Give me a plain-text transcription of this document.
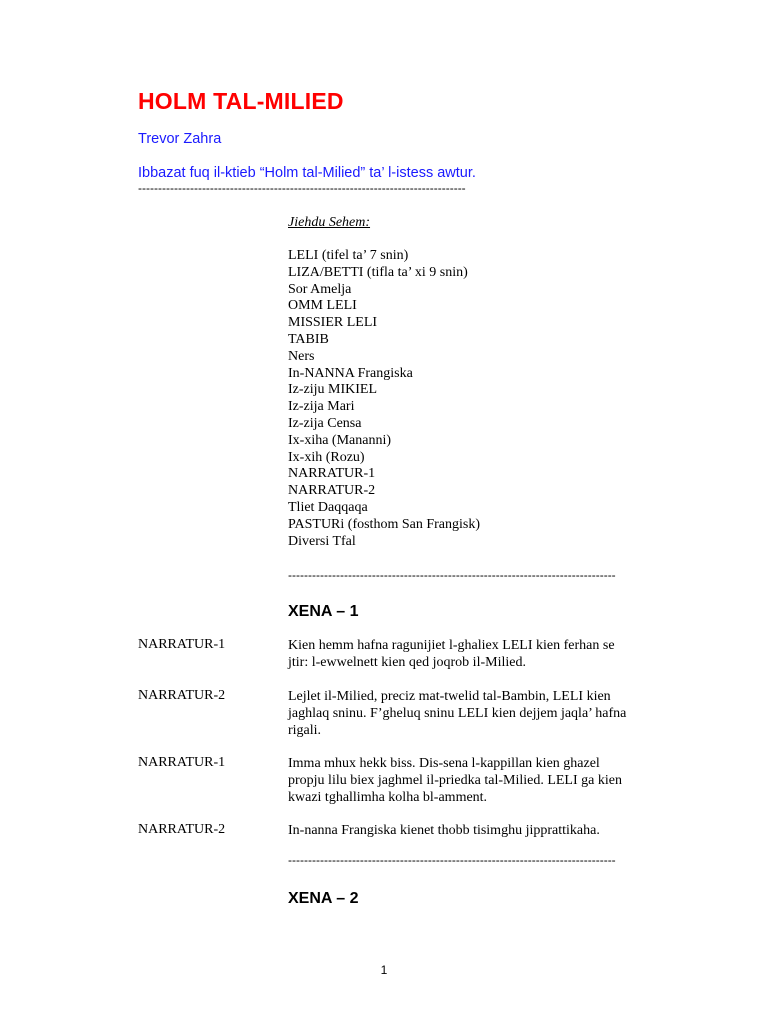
HOLM TAL-MILIED
Trevor Zahra
Ibbazat fuq il-ktieb “Holm tal-Milied” ta’ l-istess awtur.
----------------------------------------------------------------------------------
Jiehdu Sehem:
LELI (tifel ta’ 7 snin)
LIZA/BETTI (tifla ta’ xi 9 snin)
Sor Amelja
OMM LELI
MISSIER LELI
TABIB
Ners
In-NANNA Frangiska
Iz-ziju MIKIEL
Iz-zija Mari
Iz-zija Censa
Ix-xiha (Mananni)
Ix-xih (Rozu)
NARRATUR-1
NARRATUR-2
Tliet Daqqaqa
PASTURi (fosthom San Frangisk)
Diversi Tfal
----------------------------------------------------------------------------------
XENA – 1
NARRATUR-1	Kien hemm hafna ragunijiet l-ghaliex LELI kien ferhan se jtir: l-ewwelnett kien qed joqrob il-Milied.
NARRATUR-2	Lejlet il-Milied, preciz mat-twelid tal-Bambin, LELI kien jaghlaq sninu. F’gheluq sninu LELI kien dejjem jaqla’ hafna rigali.
NARRATUR-1	Imma mhux hekk biss. Dis-sena l-kappillan kien ghazel propju lilu biex jaghmel il-priedka tal-Milied. LELI ga kien kwazi tghallimha kolha bl-amment.
NARRATUR-2	In-nanna Frangiska kienet thobb tisimghu jipprattikaha.
----------------------------------------------------------------------------------
XENA – 2
1
